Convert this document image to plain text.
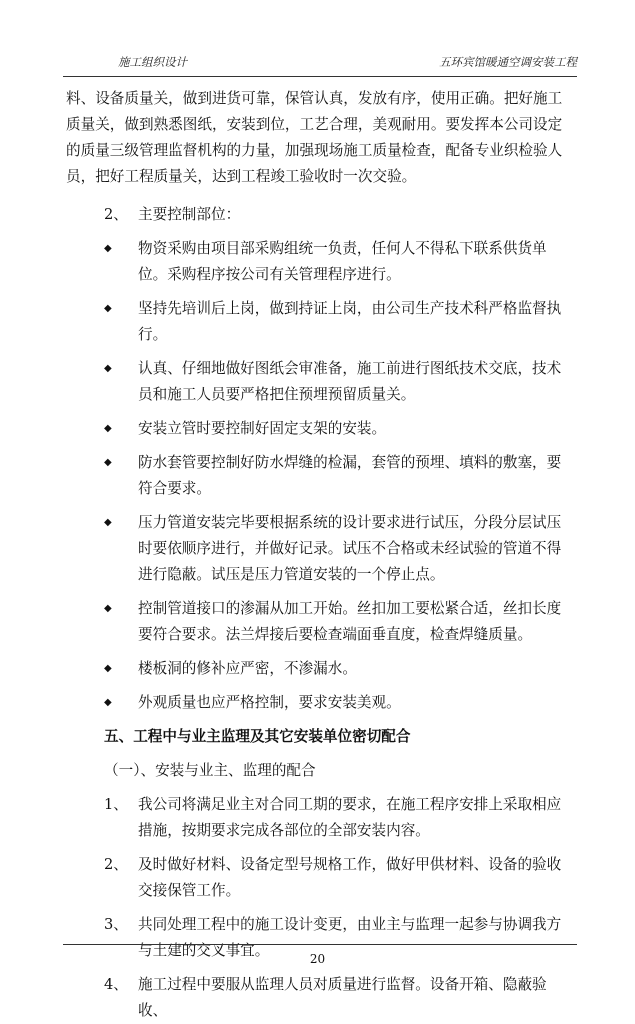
施工组织设计	五环宾馆暖通空调安装工程

料、设备质量关，做到进货可靠，保管认真，发放有序，使用正确。把好施工质量关，做到熟悉图纸，安装到位，工艺合理，美观耐用。要发挥本公司设定的质量三级管理监督机构的力量，加强现场施工质量检查，配备专业织检验人员，把好工程质量关，达到工程竣工验收时一次交验。

2、 主要控制部位：
◆ 物资采购由项目部采购组统一负责，任何人不得私下联系供货单位。采购程序按公司有关管理程序进行。
◆ 坚持先培训后上岗，做到持证上岗，由公司生产技术科严格监督执行。
◆ 认真、仔细地做好图纸会审准备，施工前进行图纸技术交底，技术员和施工人员要严格把住预埋预留质量关。
◆ 安装立管时要控制好固定支架的安装。
◆ 防水套管要控制好防水焊缝的检漏，套管的预埋、填料的敷塞，要符合要求。
◆ 压力管道安装完毕要根据系统的设计要求进行试压，分段分层试压时要依顺序进行，并做好记录。试压不合格或未经试验的管道不得进行隐蔽。试压是压力管道安装的一个停止点。
◆ 控制管道接口的渗漏从加工开始。丝扣加工要松紧合适，丝扣长度要符合要求。法兰焊接后要检查端面垂直度，检查焊缝质量。
◆ 楼板洞的修补应严密，不渗漏水。
◆ 外观质量也应严格控制，要求安装美观。
五、工程中与业主监理及其它安装单位密切配合
（一）、安装与业主、监理的配合
1、 我公司将满足业主对合同工期的要求，在施工程序安排上采取相应措施，按期要求完成各部位的全部安装内容。
2、 及时做好材料、设备定型号规格工作，做好甲供材料、设备的验收交接保管工作。
3、 共同处理工程中的施工设计变更，由业主与监理一起参与协调我方与土建的交叉事宜。
4、 施工过程中要服从监理人员对质量进行监督。设备开箱、隐蔽验收、
20
